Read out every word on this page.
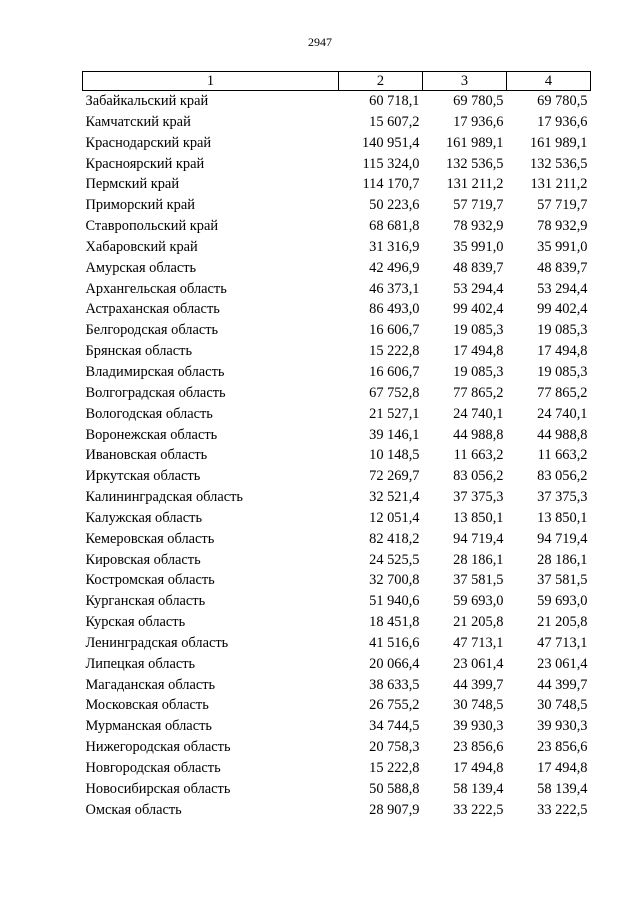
2947
1	2	3	4
Забайкальский край	60 718,1	69 780,5	69 780,5
Камчатский край	15 607,2	17 936,6	17 936,6
Краснодарский край	140 951,4	161 989,1	161 989,1
Красноярский край	115 324,0	132 536,5	132 536,5
Пермский край	114 170,7	131 211,2	131 211,2
Приморский край	50 223,6	57 719,7	57 719,7
Ставропольский край	68 681,8	78 932,9	78 932,9
Хабаровский край	31 316,9	35 991,0	35 991,0
Амурская область	42 496,9	48 839,7	48 839,7
Архангельская область	46 373,1	53 294,4	53 294,4
Астраханская область	86 493,0	99 402,4	99 402,4
Белгородская область	16 606,7	19 085,3	19 085,3
Брянская область	15 222,8	17 494,8	17 494,8
Владимирская область	16 606,7	19 085,3	19 085,3
Волгоградская область	67 752,8	77 865,2	77 865,2
Вологодская область	21 527,1	24 740,1	24 740,1
Воронежская область	39 146,1	44 988,8	44 988,8
Ивановская область	10 148,5	11 663,2	11 663,2
Иркутская область	72 269,7	83 056,2	83 056,2
Калининградская область	32 521,4	37 375,3	37 375,3
Калужская область	12 051,4	13 850,1	13 850,1
Кемеровская область	82 418,2	94 719,4	94 719,4
Кировская область	24 525,5	28 186,1	28 186,1
Костромская область	32 700,8	37 581,5	37 581,5
Курганская область	51 940,6	59 693,0	59 693,0
Курская область	18 451,8	21 205,8	21 205,8
Ленинградская область	41 516,6	47 713,1	47 713,1
Липецкая область	20 066,4	23 061,4	23 061,4
Магаданская область	38 633,5	44 399,7	44 399,7
Московская область	26 755,2	30 748,5	30 748,5
Мурманская область	34 744,5	39 930,3	39 930,3
Нижегородская область	20 758,3	23 856,6	23 856,6
Новгородская область	15 222,8	17 494,8	17 494,8
Новосибирская область	50 588,8	58 139,4	58 139,4
Омская область	28 907,9	33 222,5	33 222,5
